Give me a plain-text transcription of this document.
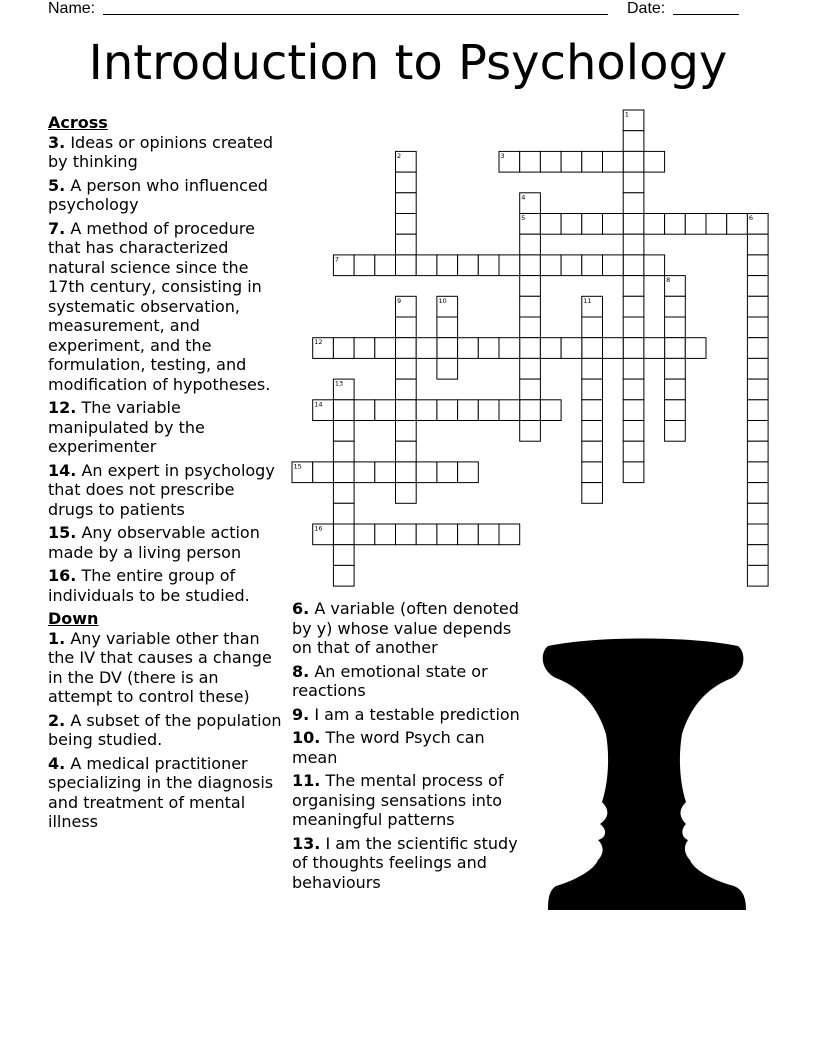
Name:	Date:
Introduction to Psychology
Across
3. Ideas or opinions created by thinking
5. A person who influenced psychology
7. A method of procedure that has characterized natural science since the 17th century, consisting in systematic observation, measurement, and experiment, and the formulation, testing, and modification of hypotheses.
12. The variable manipulated by the experimenter
14. An expert in psychology that does not prescribe drugs to patients
15. Any observable action made by a living person
16. The entire group of individuals to be studied.
Down
1. Any variable other than the IV that causes a change in the DV (there is an attempt to control these)
2. A subset of the population being studied.
4. A medical practitioner specializing in the diagnosis and treatment of mental illness
6. A variable (often denoted by y) whose value depends on that of another
8. An emotional state or reactions
9. I am a testable prediction
10. The word Psych can mean
11. The mental process of organising sensations into meaningful patterns
13. I am the scientific study of thoughts feelings and behaviours
1
2	3
4
5	6
7
8
9	10	11
12
13
14
15
16
